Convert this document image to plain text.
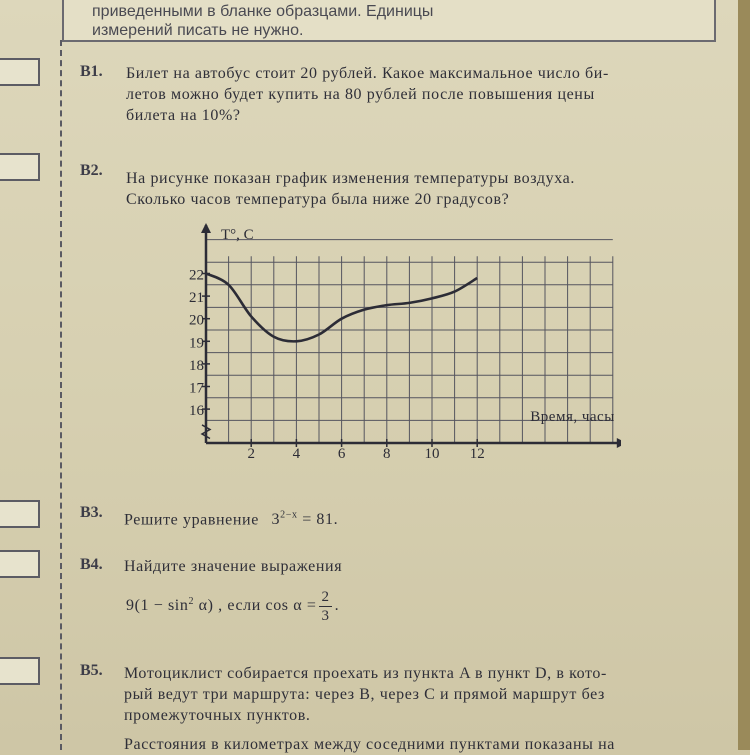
приведенными в бланке образцами. Единицы
измерений писать не нужно.
B1. Билет на автобус стоит 20 рублей. Какое максимальное число би-
летов можно будет купить на 80 рублей после повышения цены
билета на 10%?
B2. На рисунке показан график изменения температуры воздуха.
Сколько часов температура была ниже 20 градусов?
16
17
18
19
20
21
22
2	4	6	8 10 12
T°, C
Время, часы
B3. Решите уравнение $3^{2-x} = 81$.
B4. Найдите значение выражения
$9(1 - \sin^2 \alpha)$ , если $\cos \alpha = \frac{2}{3}$ .
B5. Мотоциклист собирается проехать из пункта A в пункт D, в кото-
рый ведут три маршрута: через B, через C и прямой маршрут без
промежуточных пунктов.
Расстояния в километрах между соседними пунктами показаны на
